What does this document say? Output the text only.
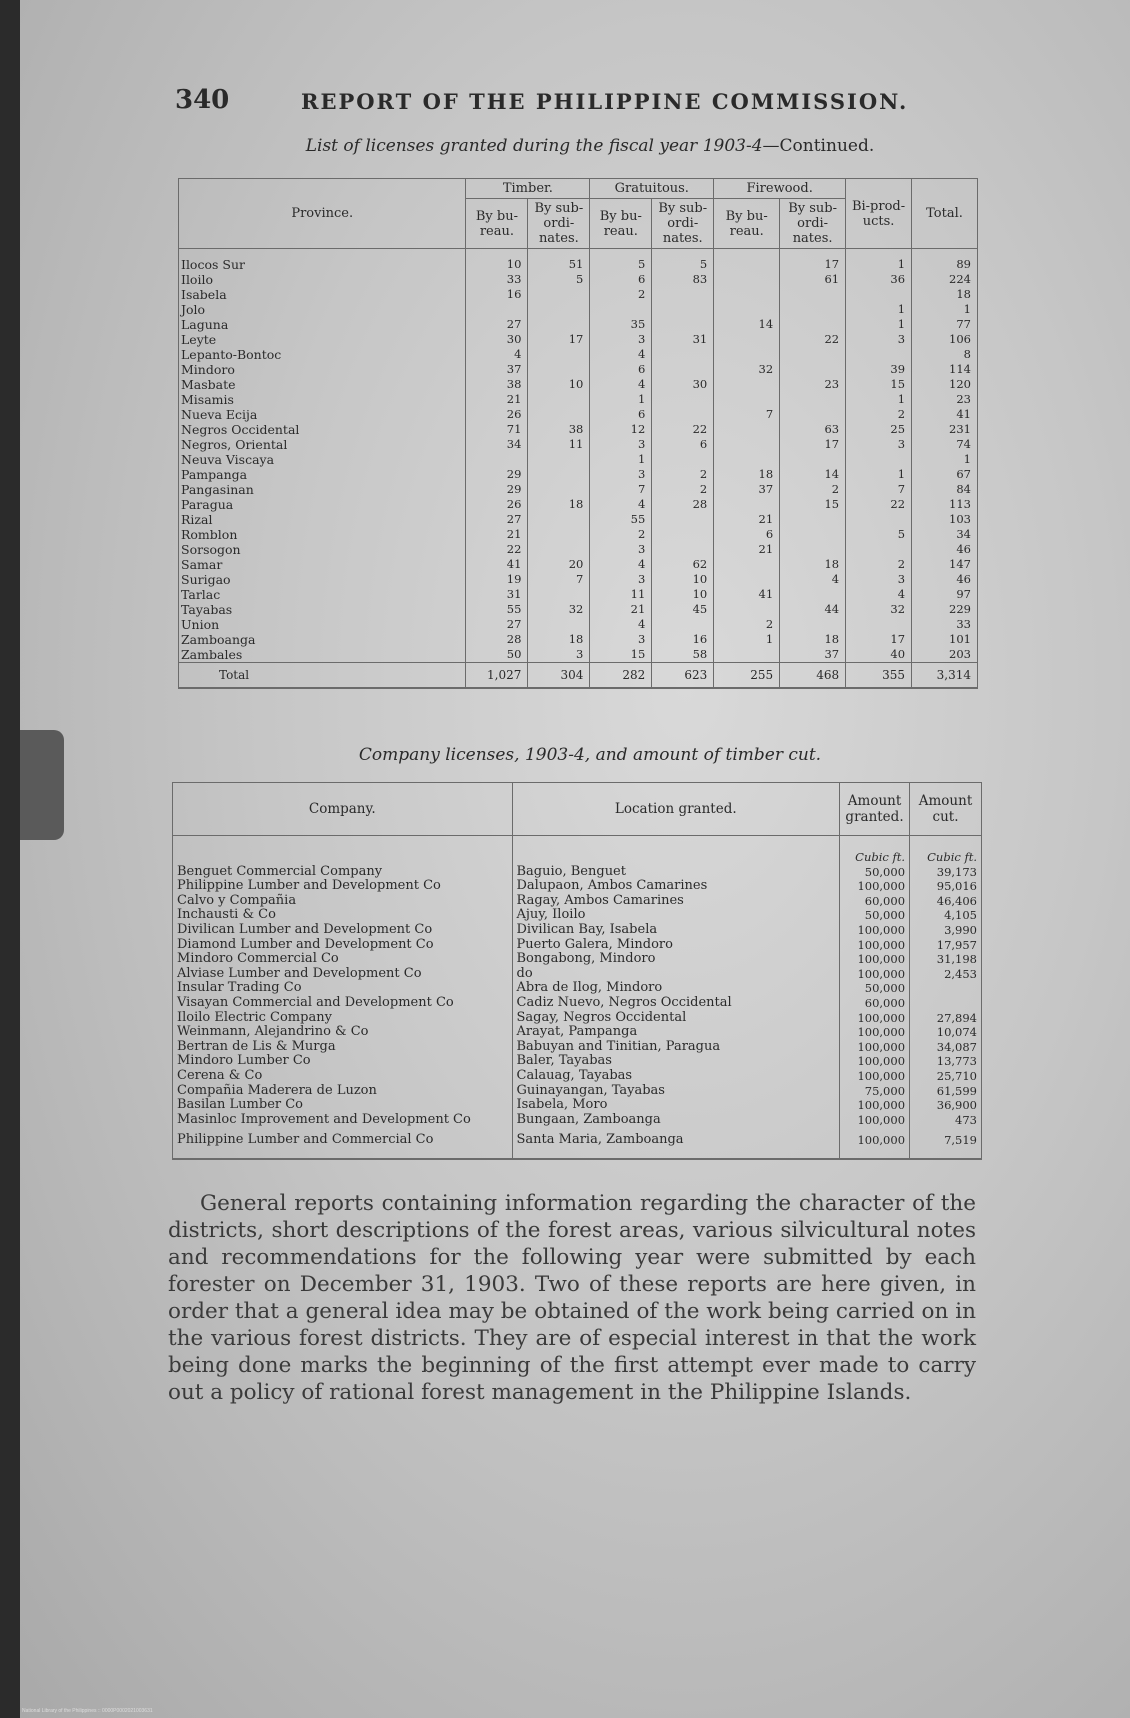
340	REPORT OF THE PHILIPPINE COMMISSION.
List of licenses granted during the fiscal year 1903-4—Continued.
Province.	Timber.		Gratuitous.		Firewood.		Bi-prod-ucts.	Total.
	By bu-reau.	By sub-ordi-nates.	By bu-reau.	By sub-ordi-nates.	By bu-reau.	By sub-ordi-nates.		
Ilocos Sur	10	51	5	5		17	1	89
Iloilo	33	5	6	83		61	36	224
Isabela	16		2					18
Jolo							1	1
Laguna	27		35		14		1	77
Leyte	30	17	3	31		22	3	106
Lepanto-Bontoc	4		4					8
Mindoro	37		6		32		39	114
Masbate	38	10	4	30		23	15	120
Misamis	21		1				1	23
Nueva Ecija	26		6		7		2	41
Negros Occidental	71	38	12	22		63	25	231
Negros, Oriental	34	11	3	6		17	3	74
Neuva Viscaya			1					1
Pampanga	29		3	2	18	14	1	67
Pangasinan	29		7	2	37	2	7	84
Paragua	26	18	4	28		15	22	113
Rizal	27		55		21			103
Romblon	21		2		6		5	34
Sorsogon	22		3		21			46
Samar	41	20	4	62		18	2	147
Surigao	19	7	3	10		4	3	46
Tarlac	31		11	10	41		4	97
Tayabas	55	32	21	45		44	32	229
Union	27		4		2			33
Zamboanga	28	18	3	16	1	18	17	101
Zambales	50	3	15	58		37	40	203
Total	1,027	304	282	623	255	468	355	3,314
Company licenses, 1903-4, and amount of timber cut.
Company.	Location granted.	Amount granted.	Amount cut.
		Cubic ft.	Cubic ft.
Benguet Commercial Company	Baguio, Benguet	50,000	39,173
Philippine Lumber and Development Co	Dalupaon, Ambos Camarines	100,000	95,016
Calvo y Compañia	Ragay, Ambos Camarines	60,000	46,406
Inchausti & Co	Ajuy, Iloilo	50,000	4,105
Divilican Lumber and Development Co	Divilican Bay, Isabela	100,000	3,990
Diamond Lumber and Development Co	Puerto Galera, Mindoro	100,000	17,957
Mindoro Commercial Co	Bongabong, Mindoro	100,000	31,198
Alviase Lumber and Development Co	do	100,000	2,453
Insular Trading Co	Abra de Ilog, Mindoro	50,000	
Visayan Commercial and Development Co	Cadiz Nuevo, Negros Occidental	60,000	
Iloilo Electric Company	Sagay, Negros Occidental	100,000	27,894
Weinmann, Alejandrino & Co	Arayat, Pampanga	100,000	10,074
Bertran de Lis & Murga	Babuyan and Tinitian, Paragua	100,000	34,087
Mindoro Lumber Co	Baler, Tayabas	100,000	13,773
Cerena & Co	Calauag, Tayabas	100,000	25,710
Compañia Maderera de Luzon	Guinayangan, Tayabas	75,000	61,599
Basilan Lumber Co	Isabela, Moro	100,000	36,900
Masinloc Improvement and Development Co	Bungaan, Zamboanga	100,000	473
Philippine Lumber and Commercial Co	Santa Maria, Zamboanga	100,000	7,519

General reports containing information regarding the character of the districts, short descriptions of the forest areas, various silvicultural notes and recommendations for the following year were submitted by each forester on December 31, 1903. Two of these reports are here given, in order that a general idea may be obtained of the work being carried on in the various forest districts. They are of especial interest in that the work being done marks the beginning of the first attempt ever made to carry out a policy of rational forest management in the Philippine Islands.

National Library of the Philippines :: 0000P0002021003631
